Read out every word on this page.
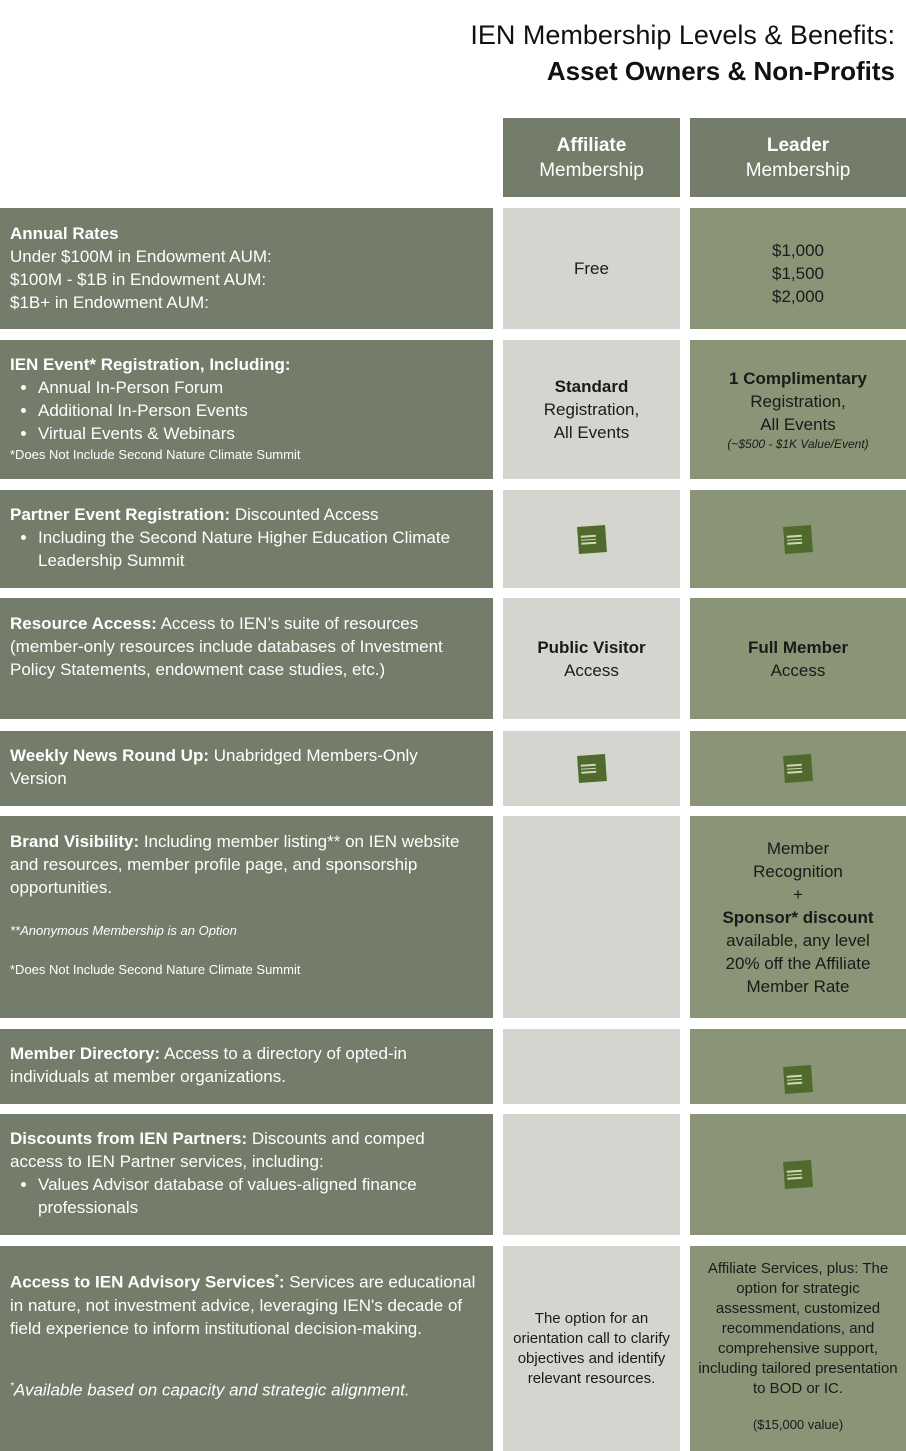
IEN Membership Levels & Benefits:
Asset Owners & Non-Profits
Affiliate
Membership
Leader
Membership
Annual Rates
Under $100M in Endowment AUM:
$100M - $1B in Endowment AUM:
$1B+ in Endowment AUM:
Free
$1,000
$1,500
$2,000
IEN Event* Registration, Including:
• Annual In-Person Forum
• Additional In-Person Events
• Virtual Events & Webinars
*Does Not Include Second Nature Climate Summit
Standard
Registration,
All Events
1 Complimentary
Registration,
All Events
(~$500 - $1K Value/Event)
Partner Event Registration: Discounted Access
• Including the Second Nature Higher Education Climate Leadership Summit
Resource Access: Access to IEN’s suite of resources (member-only resources include databases of Investment Policy Statements, endowment case studies, etc.)
Public Visitor
Access
Full Member
Access
Weekly News Round Up: Unabridged Members-Only Version
Brand Visibility: Including member listing** on IEN website and resources, member profile page, and sponsorship opportunities.
**Anonymous Membership is an Option
*Does Not Include Second Nature Climate Summit
Member
Recognition
+
Sponsor* discount
available, any level
20% off the Affiliate
Member Rate
Member Directory: Access to a directory of opted-in individuals at member organizations.
Discounts from IEN Partners: Discounts and comped access to IEN Partner services, including:
• Values Advisor database of values-aligned finance professionals
Access to IEN Advisory Services*: Services are educational in nature, not investment advice, leveraging IEN's decade of field experience to inform institutional decision-making.
*Available based on capacity and strategic alignment.
The option for an orientation call to clarify objectives and identify relevant resources.
Affiliate Services, plus: The option for strategic assessment, customized recommendations, and comprehensive support, including tailored presentation to BOD or IC.
($15,000 value)
